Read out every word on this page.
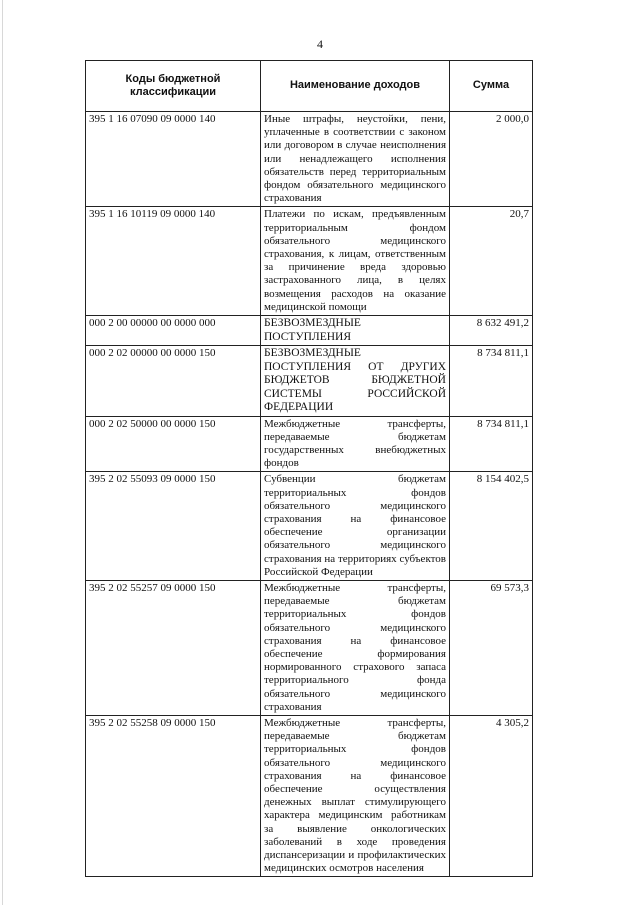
4
Коды бюджетной классификации	Наименование доходов	Сумма
395 1 16 07090 09 0000 140	Иные штрафы, неустойки, пени, уплаченные в соответствии с законом или договором в случае неисполнения или ненадлежащего исполнения обязательств перед территориальным фондом обязательного медицинского страхования	2 000,0
395 1 16 10119 09 0000 140	Платежи по искам, предъявленным территориальным фондом обязательного медицинского страхования, к лицам, ответственным за причинение вреда здоровью застрахованного лица, в целях возмещения расходов на оказание медицинской помощи	20,7
000 2 00 00000 00 0000 000	БЕЗВОЗМЕЗДНЫЕ ПОСТУПЛЕНИЯ	8 632 491,2
000 2 02 00000 00 0000 150	БЕЗВОЗМЕЗДНЫЕ ПОСТУПЛЕНИЯ ОТ ДРУГИХ БЮДЖЕТОВ БЮДЖЕТНОЙ СИСТЕМЫ РОССИЙСКОЙ ФЕДЕРАЦИИ	8 734 811,1
000 2 02 50000 00 0000 150	Межбюджетные трансферты, передаваемые бюджетам государственных внебюджетных фондов	8 734 811,1
395 2 02 55093 09 0000 150	Субвенции бюджетам территориальных фондов обязательного медицинского страхования на финансовое обеспечение организации обязательного медицинского страхования на территориях субъектов Российской Федерации	8 154 402,5
395 2 02 55257 09 0000 150	Межбюджетные трансферты, передаваемые бюджетам территориальных фондов обязательного медицинского страхования на финансовое обеспечение формирования нормированного страхового запаса территориального фонда обязательного медицинского страхования	69 573,3
395 2 02 55258 09 0000 150	Межбюджетные трансферты, передаваемые бюджетам территориальных фондов обязательного медицинского страхования на финансовое обеспечение осуществления денежных выплат стимулирующего характера медицинским работникам за выявление онкологических заболеваний в ходе проведения диспансеризации и профилактических медицинских осмотров населения	4 305,2
